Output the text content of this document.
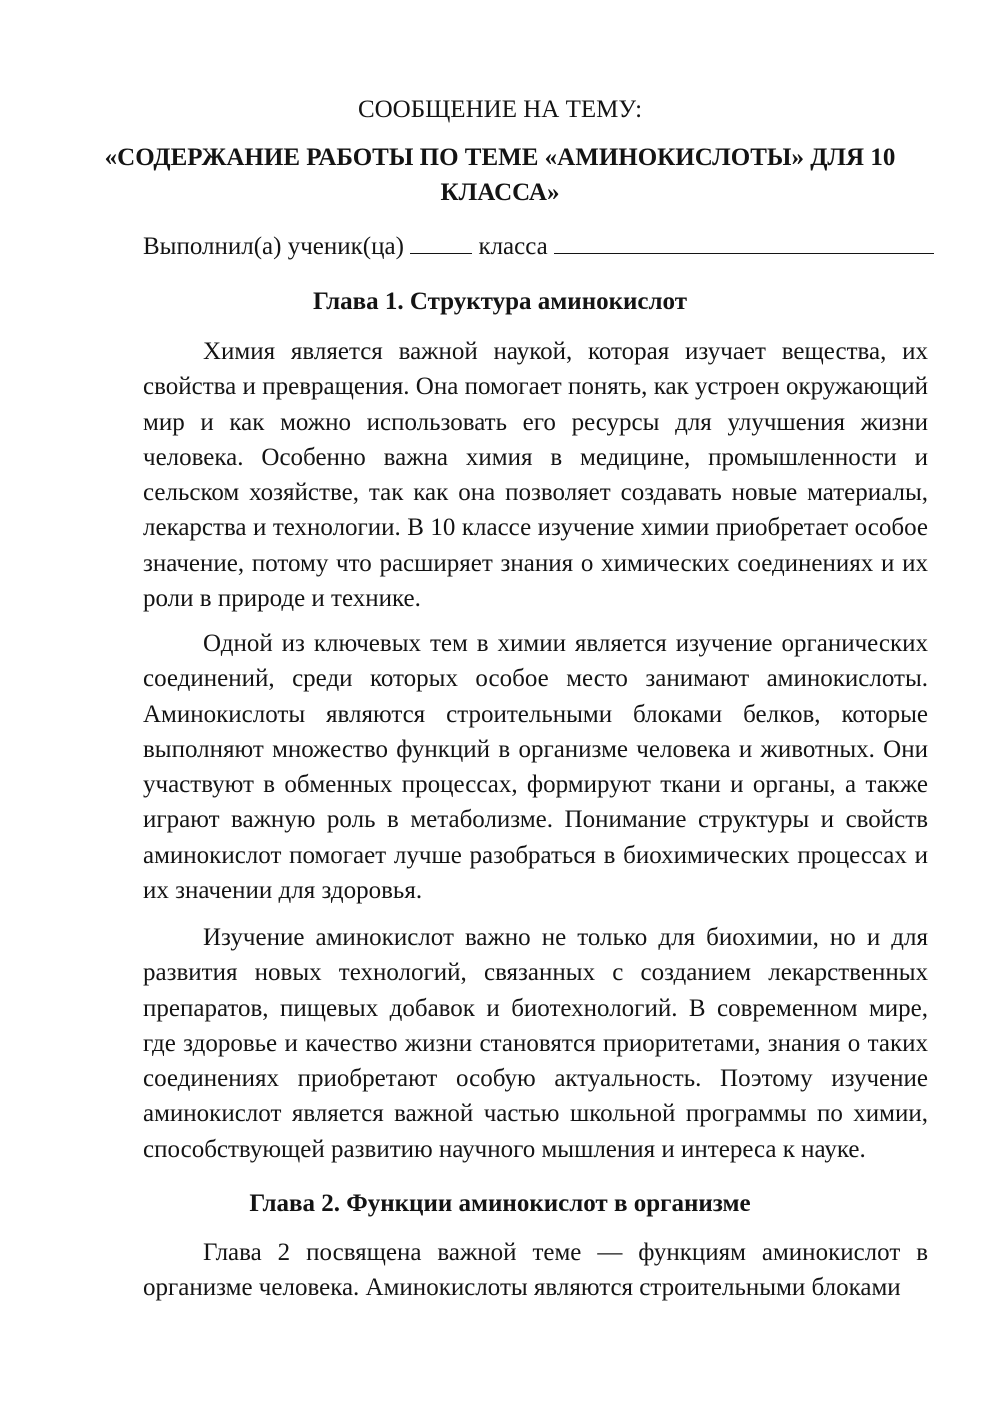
СООБЩЕНИЕ НА ТЕМУ:
«СОДЕРЖАНИЕ РАБОТЫ ПО ТЕМЕ «АМИНОКИСЛОТЫ» ДЛЯ 10
КЛАССА»
Выполнил(а) ученик(ца)	класса
Глава 1. Структура аминокислот

Химия является важной наукой, которая изучает вещества, их свойства и превращения. Она помогает понять, как устроен окружающий мир и как можно использовать его ресурсы для улучшения жизни человека. Особенно важна химия в медицине, промышленности и сельском хозяйстве, так как она позволяет создавать новые материалы, лекарства и технологии. В 10 классе изучение химии приобретает особое значение, потому что расширяет знания о химических соединениях и их роли в природе и технике.

Одной из ключевых тем в химии является изучение органических соединений, среди которых особое место занимают аминокислоты. Аминокислоты являются строительными блоками белков, которые выполняют множество функций в организме человека и животных. Они участвуют в обменных процессах, формируют ткани и органы, а также играют важную роль в метаболизме. Понимание структуры и свойств аминокислот помогает лучше разобраться в биохимических процессах и их значении для здоровья.

Изучение аминокислот важно не только для биохимии, но и для развития новых технологий, связанных с созданием лекарственных препаратов, пищевых добавок и биотехнологий. В современном мире, где здоровье и качество жизни становятся приоритетами, знания о таких соединениях приобретают особую актуальность. Поэтому изучение аминокислот является важной частью школьной программы по химии, способствующей развитию научного мышления и интереса к науке.

Глава 2. Функции аминокислот в организме

Глава 2 посвящена важной теме — функциям аминокислот в организме человека. Аминокислоты являются строительными блоками
